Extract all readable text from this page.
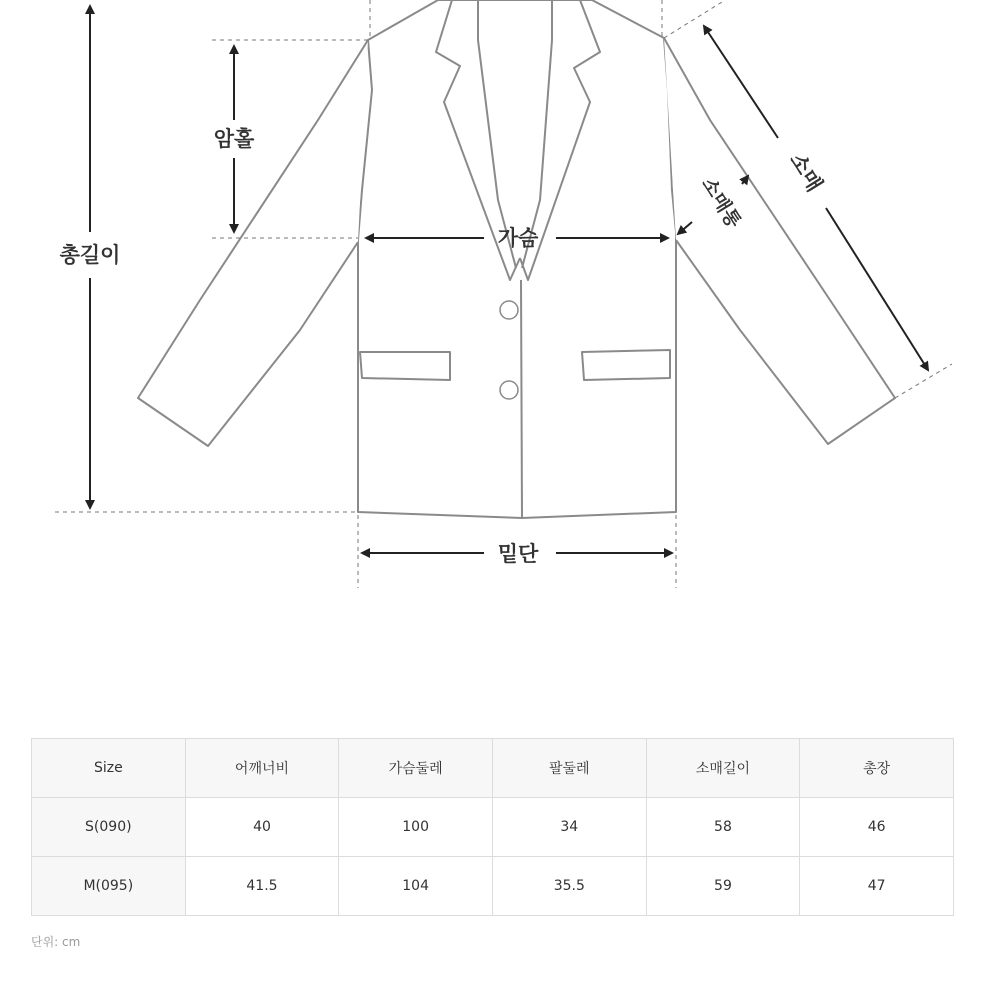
총길이
암홀
가슴
밑단
소매
소매통
Size	어깨너비	가슴둘레	팔둘레	소매길이	총장
S(090)	40	100	34	58	46
M(095)	41.5	104	35.5	59	47
단위: cm
